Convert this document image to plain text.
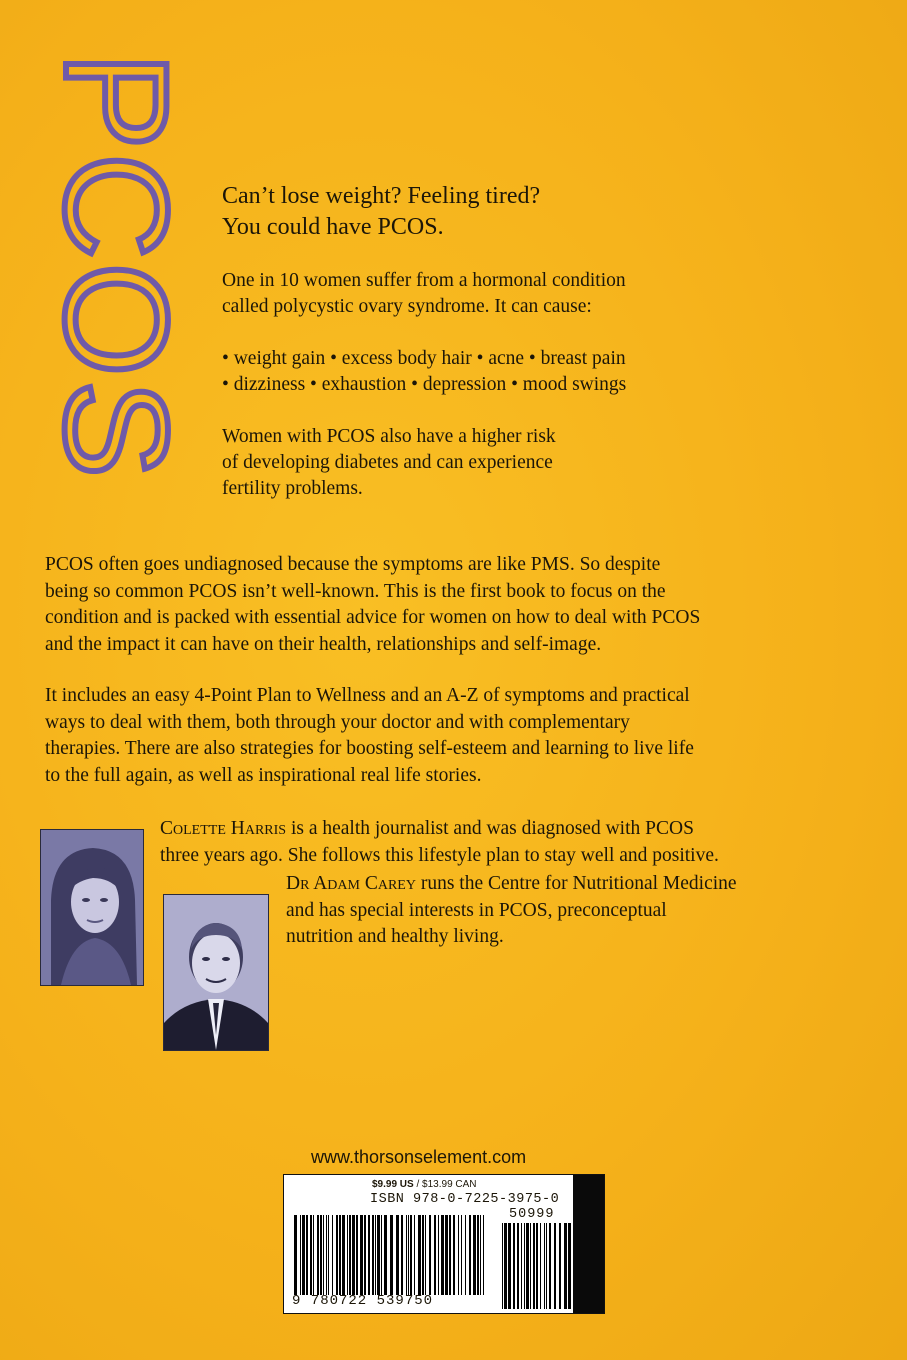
PCOS Can’t lose weight? Feeling tired?
You could have PCOS.
One in 10 women suffer from a hormonal condition
called polycystic ovary syndrome. It can cause:
• weight gain • excess body hair • acne • breast pain
• dizziness • exhaustion • depression • mood swings
Women with PCOS also have a higher risk
of developing diabetes and can experience
fertility problems.
PCOS often goes undiagnosed because the symptoms are like PMS. So despite
being so common PCOS isn’t well-known. This is the first book to focus on the
condition and is packed with essential advice for women on how to deal with PCOS
and the impact it can have on their health, relationships and self-image.
It includes an easy 4-Point Plan to Wellness and an A-Z of symptoms and practical
ways to deal with them, both through your doctor and with complementary
therapies. There are also strategies for boosting self-esteem and learning to live life
to the full again, as well as inspirational real life stories.
Colette Harris is a health journalist and was diagnosed with PCOS
three years ago. She follows this lifestyle plan to stay well and positive.
Dr Adam Carey runs the Centre for Nutritional Medicine
and has special interests in PCOS, preconceptual
nutrition and healthy living.
www.thorsonselement.com
$9.99 US / $13.99 CAN
ISBN 978-0-7225-3975-0
50999
9 780722 539750
